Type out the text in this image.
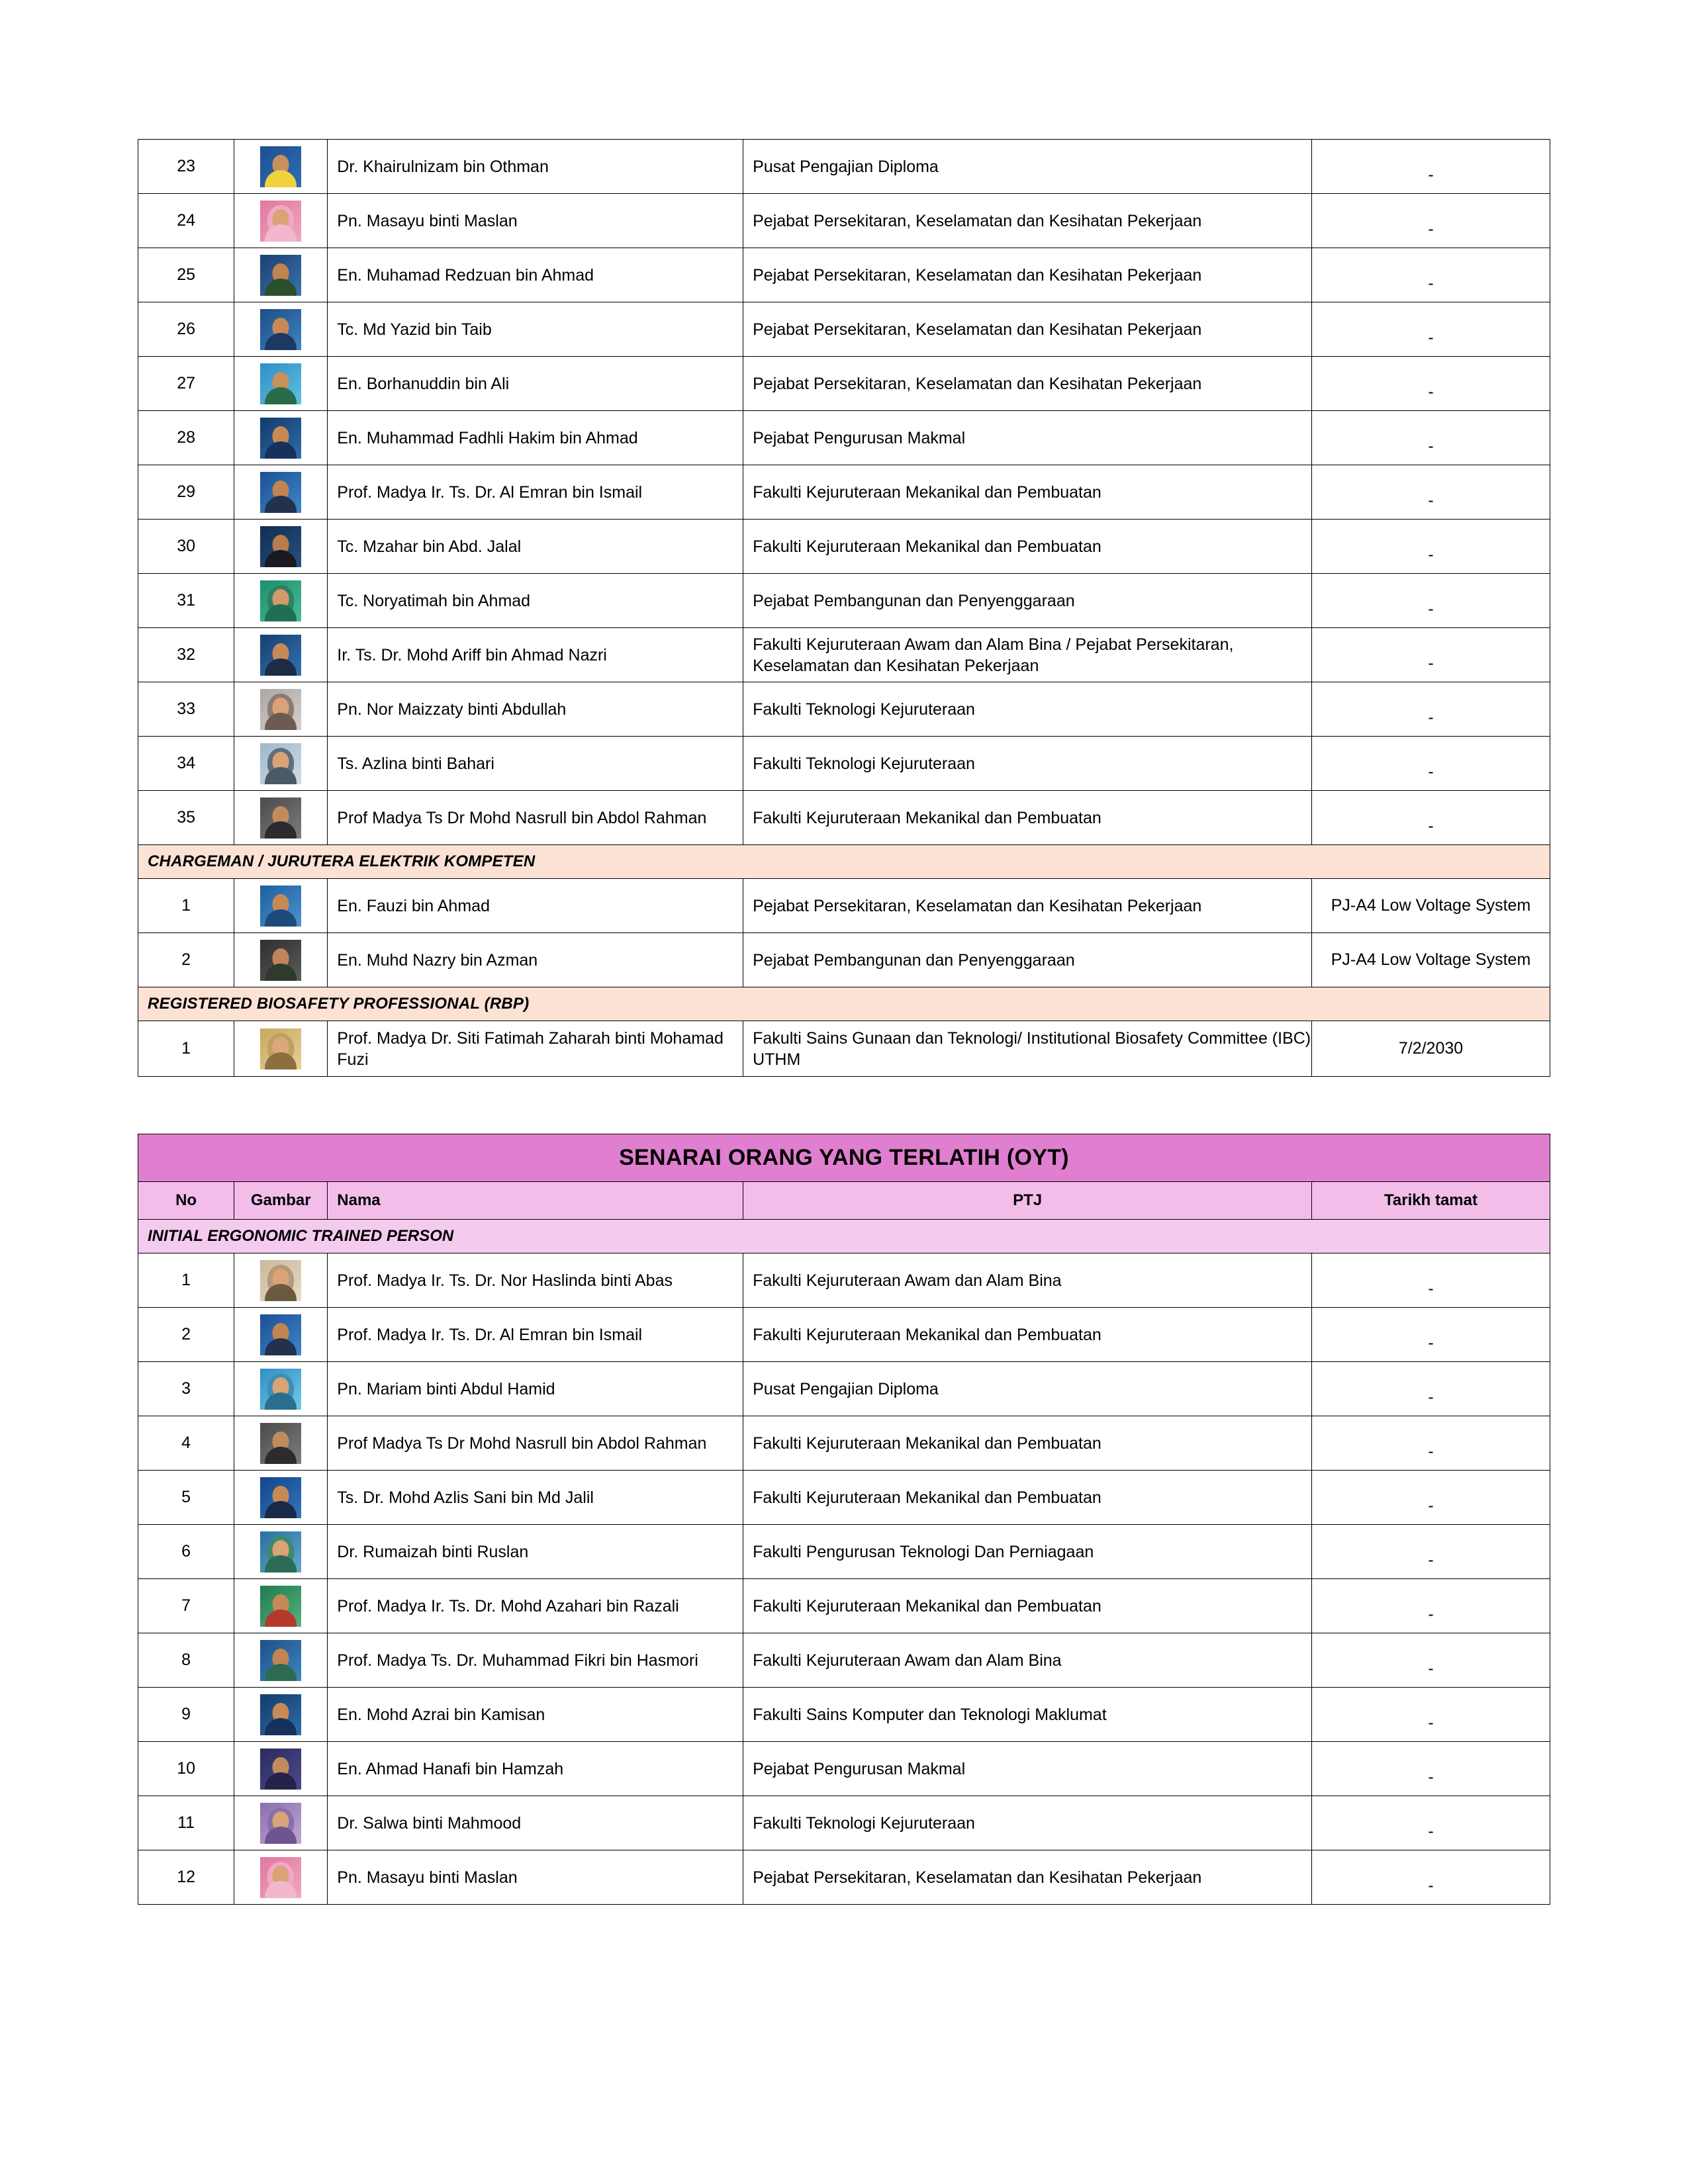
23		Dr. Khairulnizam bin Othman	Pusat Pengajian Diploma	-

24		Pn. Masayu binti Maslan	Pejabat Persekitaran, Keselamatan dan Kesihatan Pekerjaan	-

25		En. Muhamad Redzuan bin Ahmad	Pejabat Persekitaran, Keselamatan dan Kesihatan Pekerjaan	-

26		Tc. Md Yazid bin Taib	Pejabat Persekitaran, Keselamatan dan Kesihatan Pekerjaan	-

27		En. Borhanuddin bin Ali	Pejabat Persekitaran, Keselamatan dan Kesihatan Pekerjaan	-

28		En. Muhammad Fadhli Hakim bin Ahmad	Pejabat Pengurusan Makmal	-

29		Prof. Madya Ir. Ts. Dr. Al Emran bin Ismail	Fakulti Kejuruteraan Mekanikal dan Pembuatan	-

30		Tc. Mzahar bin Abd. Jalal	Fakulti Kejuruteraan Mekanikal dan Pembuatan	-

31		Tc. Noryatimah bin Ahmad	Pejabat Pembangunan dan Penyenggaraan	-

32		Ir. Ts. Dr. Mohd Ariff bin Ahmad Nazri	Fakulti Kejuruteraan Awam dan Alam Bina / Pejabat Persekitaran, Keselamatan dan Kesihatan Pekerjaan	-

33		Pn. Nor Maizzaty binti Abdullah	Fakulti Teknologi Kejuruteraan	-

34		Ts. Azlina binti Bahari	Fakulti Teknologi Kejuruteraan	-

35		Prof Madya Ts Dr Mohd Nasrull bin Abdol Rahman	Fakulti Kejuruteraan Mekanikal dan Pembuatan	-

CHARGEMAN / JURUTERA ELEKTRIK KOMPETEN				
1		En. Fauzi bin Ahmad	Pejabat Persekitaran, Keselamatan dan Kesihatan Pekerjaan	PJ-A4 Low Voltage System

2		En. Muhd Nazry bin Azman	Pejabat Pembangunan dan Penyenggaraan	PJ-A4 Low Voltage System

REGISTERED BIOSAFETY PROFESSIONAL (RBP)				
1		Prof. Madya Dr. Siti Fatimah Zaharah binti Mohamad Fuzi	Fakulti Sains Gunaan dan Teknologi/ Institutional Biosafety Committee (IBC) UTHM	7/2/2030
SENARAI ORANG YANG TERLATIH (OYT)				
No	Gambar	Nama	PTJ	Tarikh tamat
INITIAL ERGONOMIC TRAINED PERSON				
1		Prof. Madya Ir. Ts. Dr. Nor Haslinda binti Abas	Fakulti Kejuruteraan Awam dan Alam Bina	-

2		Prof. Madya Ir. Ts. Dr. Al Emran bin Ismail	Fakulti Kejuruteraan Mekanikal dan Pembuatan	-

3		Pn. Mariam binti Abdul Hamid	Pusat Pengajian Diploma	-

4		Prof Madya Ts Dr Mohd Nasrull bin Abdol Rahman	Fakulti Kejuruteraan Mekanikal dan Pembuatan	-

5		Ts. Dr. Mohd Azlis Sani bin Md Jalil	Fakulti Kejuruteraan Mekanikal dan Pembuatan	-

6		Dr. Rumaizah binti Ruslan	Fakulti Pengurusan Teknologi Dan Perniagaan	-

7		Prof. Madya Ir. Ts. Dr. Mohd Azahari bin Razali	Fakulti Kejuruteraan Mekanikal dan Pembuatan	-

8		Prof. Madya Ts. Dr. Muhammad Fikri bin Hasmori	Fakulti Kejuruteraan Awam dan Alam Bina	-

9		En. Mohd Azrai bin Kamisan	Fakulti Sains Komputer dan Teknologi Maklumat	-

10		En. Ahmad Hanafi bin Hamzah	Pejabat Pengurusan Makmal	-

11		Dr. Salwa binti Mahmood	Fakulti Teknologi Kejuruteraan	-

12		Pn. Masayu binti Maslan	Pejabat Persekitaran, Keselamatan dan Kesihatan Pekerjaan	-
